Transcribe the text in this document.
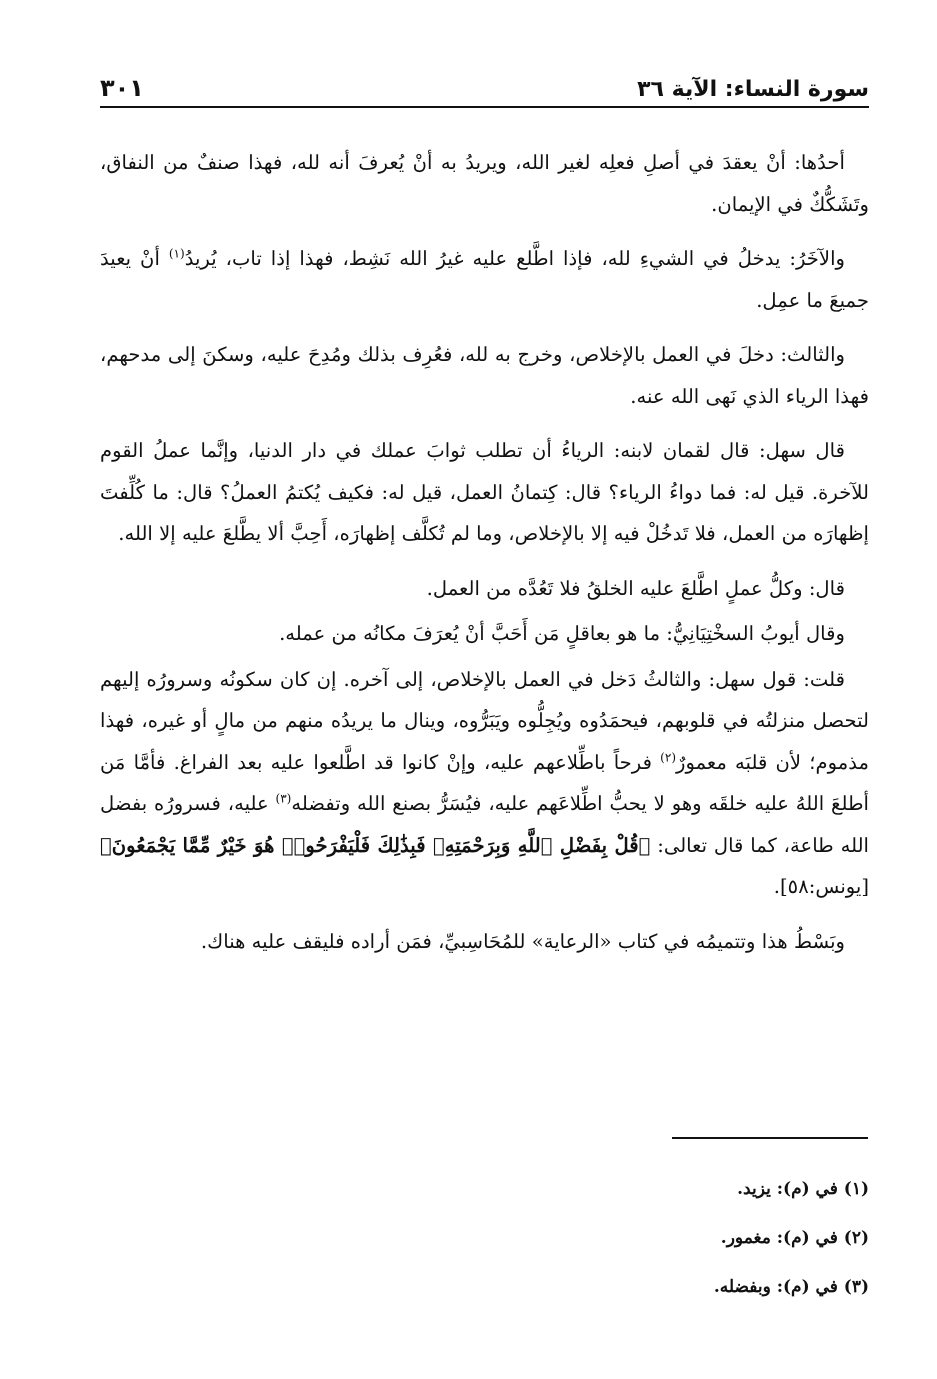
سورة النساء: الآية ٣٦
٣٠١

أحدُها: أنْ يعقدَ في أصلِ فعلِه لغير الله، ويريدُ به أنْ يُعرفَ أنه لله، فهذا صنفٌ من النفاق، وتَشَكُّكٌ في الإيمان.

والآخَرُ: يدخلُ في الشيءِ لله، فإذا اطَّلع عليه غيرُ الله نَشِط، فهذا إذا تاب، يُريدُ$^{(١)}$ أنْ يعيدَ جميعَ ما عمِل.

والثالث: دخلَ في العمل بالإخلاص، وخرج به لله، فعُرِف بذلك ومُدِحَ عليه، وسكنَ إلى مدحهم، فهذا الرياء الذي نَهى الله عنه.

قال سهل: قال لقمان لابنه: الرياءُ أن تطلب ثوابَ عملك في دار الدنيا، وإنَّما عملُ القوم للآخرة. قيل له: فما دواءُ الرياء؟ قال: كِتمانُ العمل، قيل له: فكيف يُكتمُ العملُ؟ قال: ما كُلِّفتَ إظهارَه من العمل، فلا تَدخُلْ فيه إلا بالإخلاص، وما لم تُكلَّف إظهارَه، أَحِبَّ ألا يطَّلعَ عليه إلا الله.

قال: وكلُّ عملٍ اطَّلعَ عليه الخلقُ فلا تَعُدَّه من العمل.

وقال أيوبُ السخْتِيَانِيُّ: ما هو بعاقلٍ مَن أَحَبَّ أنْ يُعرَفَ مكانُه من عمله.

قلت: قول سهل: والثالثُ دَخل في العمل بالإخلاص، إلى آخره. إن كان سكونُه وسرورُه إليهم لتحصل منزلتُه في قلوبهم، فيحمَدُوه ويُجِلُّوه ويَبَرُّوه، وينال ما يريدُه منهم من مالٍ أو غيره، فهذا مذموم؛ لأن قلبَه معمورٌ$^{(٢)}$ فرحاً باطِّلاعهم عليه، وإنْ كانوا قد اطَّلعوا عليه بعد الفراغ. فأمَّا مَن أطلعَ اللهُ عليه خلقَه وهو لا يحبُّ اطِّلاعَهم عليه، فيُسَرُّ بصنع الله وتفضله$^{(٣)}$ عليه، فسرورُه بفضل الله طاعة، كما قال تعالى: ﴿قُلْ بِفَضْلِ ٱللَّهِ وَبِرَحْمَتِهِۦ فَبِذَٰلِكَ فَلْيَفْرَحُوا۟ هُوَ خَيْرٌ مِّمَّا يَجْمَعُونَ﴾ [يونس:٥٨].

وبَسْطُ هذا وتتميمُه في كتاب «الرعاية» للمُحَاسِبيِّ، فمَن أراده فليقف عليه هناك.

(١) في (م): يزيد.
(٢) في (م): مغمور.
(٣) في (م): وبفضله.
